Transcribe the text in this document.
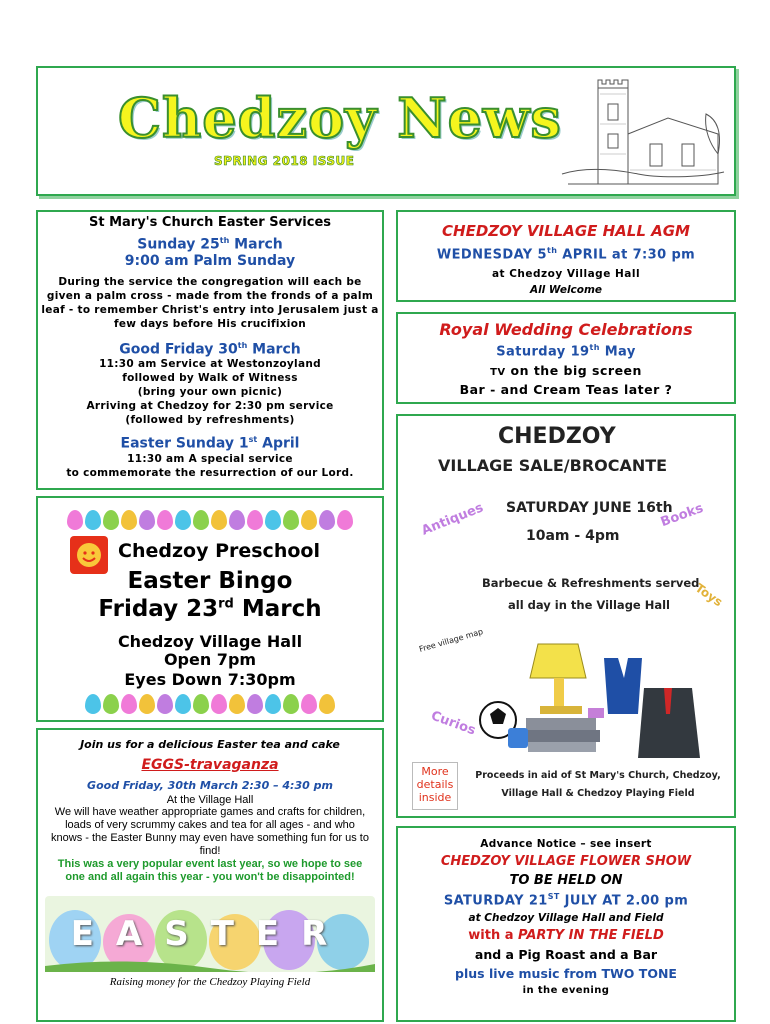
Chedzoy News
SPRING 2018 ISSUE
St Mary's Church Easter Services
Sunday 25th March
9:00 am Palm Sunday
During the service the congregation will each be given a palm cross - made from the fronds of a palm leaf - to remember Christ's entry into Jerusalem just a few days before His crucifixion
Good Friday 30th March
11:30 am Service at Westonzoyland
followed by Walk of Witness
(bring your own picnic)
Arriving at Chedzoy for 2:30 pm service
(followed by refreshments)
Easter Sunday 1st April
11:30 am A special service
to commemorate the resurrection of our Lord.
CHEDZOY VILLAGE HALL AGM
WEDNESDAY 5th APRIL at 7:30 pm
at Chedzoy Village Hall
All Welcome
Royal Wedding Celebrations
Saturday 19th May
TV on the big screen
Bar - and Cream Teas later ?
CHEDZOY
VILLAGE SALE/BROCANTE
SATURDAY JUNE 16th
10am - 4pm
Antiques	Books
Barbecue & Refreshments served
all day in the Village Hall Toys
Free village map
Curios
More details inside
Proceeds in aid of St Mary's Church, Chedzoy,
Village Hall & Chedzoy Playing Field
Chedzoy Preschool
Easter Bingo
Friday 23rd March
Chedzoy Village Hall
Open 7pm
Eyes Down 7:30pm
Join us for a delicious Easter tea and cake
EGGS-travaganza
Good Friday, 30th March 2:30 – 4:30 pm
At the Village Hall
We will have weather appropriate games and crafts for children, loads of very scrummy cakes and tea for all ages - and who knows - the Easter Bunny may even have something fun for us to find!
This was a very popular event last year, so we hope to see one and all again this year - you won't be disappointed!
EASTER
Raising money for the Chedzoy Playing Field
Advance Notice – see insert
CHEDZOY VILLAGE FLOWER SHOW
TO BE HELD ON
SATURDAY 21ST JULY AT 2.00 pm
at Chedzoy Village Hall and Field
with a PARTY IN THE FIELD
and a Pig Roast and a Bar
plus live music from TWO TONE
in the evening
